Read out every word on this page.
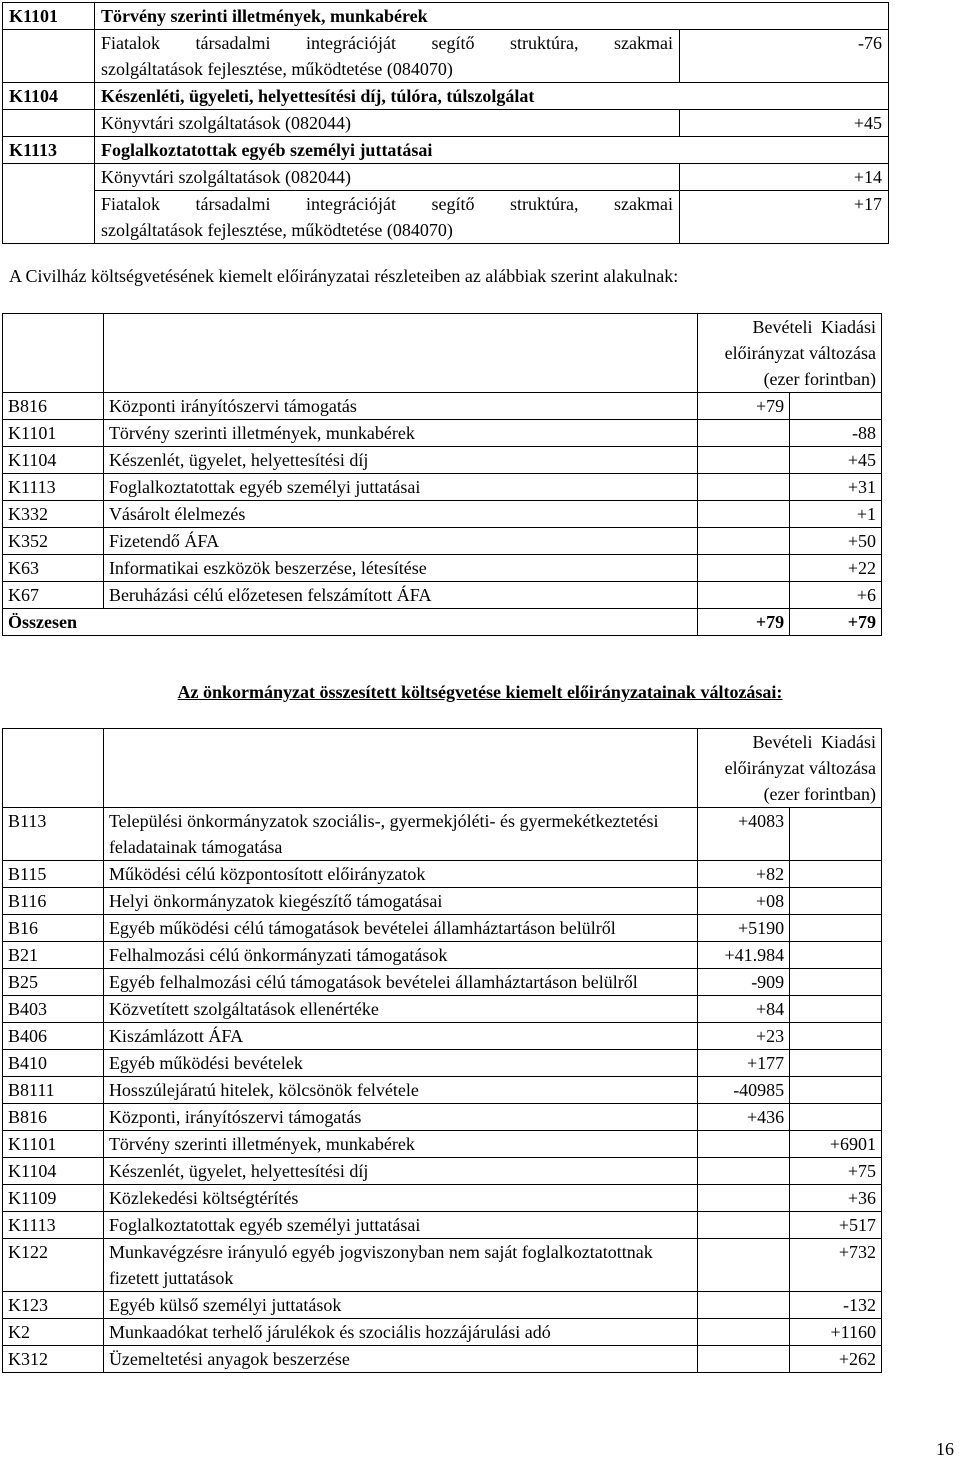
K1101	Törvény szerinti illetmények, munkabérek	
	Fiatalok társadalmi integrációját segítő struktúra, szakmai	-76
	szolgáltatások fejlesztése, működtetése (084070)	
K1104	Készenléti, ügyeleti, helyettesítési díj, túlóra, túlszolgálat	
	Könyvtári szolgáltatások (082044)	+45
K1113	Foglalkoztatottak egyéb személyi juttatásai	
	Könyvtári szolgáltatások (082044)	+14
	Fiatalok társadalmi integrációját segítő struktúra, szakmai	+17
	szolgáltatások fejlesztése, működtetése (084070)	
A Civilház költségvetésének kiemelt előirányzatai részleteiben az alábbiak szerint alakulnak:

		Bevételi Kiadási
előirányzat változása
(ezer forintban)	

B816	Központi irányítószervi támogatás	+79	
K1101	Törvény szerinti illetmények, munkabérek		-88
K1104	Készenlét, ügyelet, helyettesítési díj		+45
K1113	Foglalkoztatottak egyéb személyi juttatásai		+31
K332	Vásárolt élelmezés		+1
K352	Fizetendő ÁFA		+50
K63	Informatikai eszközök beszerzése, létesítése		+22
K67	Beruházási célú előzetesen felszámított ÁFA		+6
Összesen		+79	+79
Az önkormányzat összesített költségvetése kiemelt előirányzatainak változásai:

		Bevételi Kiadási
előirányzat változása
(ezer forintban)	

B113	Települési önkormányzatok szociális-, gyermekjóléti- és gyermekétkeztetési feladatainak támogatása	+4083	
B115	Működési célú központosított előirányzatok	+82	
B116	Helyi önkormányzatok kiegészítő támogatásai	+08	
B16	Egyéb működési célú támogatások bevételei államháztartáson belülről	+5190	
B21	Felhalmozási célú önkormányzati támogatások	+41.984	
B25	Egyéb felhalmozási célú támogatások bevételei államháztartáson belülről	-909	
B403	Közvetített szolgáltatások ellenértéke	+84	
B406	Kiszámlázott ÁFA	+23	
B410	Egyéb működési bevételek	+177	
B8111	Hosszúlejáratú hitelek, kölcsönök felvétele	-40985	
B816	Központi, irányítószervi támogatás	+436	
K1101	Törvény szerinti illetmények, munkabérek		+6901
K1104	Készenlét, ügyelet, helyettesítési díj		+75
K1109	Közlekedési költségtérítés		+36
K1113	Foglalkoztatottak egyéb személyi juttatásai		+517
K122	Munkavégzésre irányuló egyéb jogviszonyban nem saját foglalkoztatottnak fizetett juttatások		+732
K123	Egyéb külső személyi juttatások		-132
K2	Munkaadókat terhelő járulékok és szociális hozzájárulási adó		+1160
K312	Üzemeltetési anyagok beszerzése		+262
16
